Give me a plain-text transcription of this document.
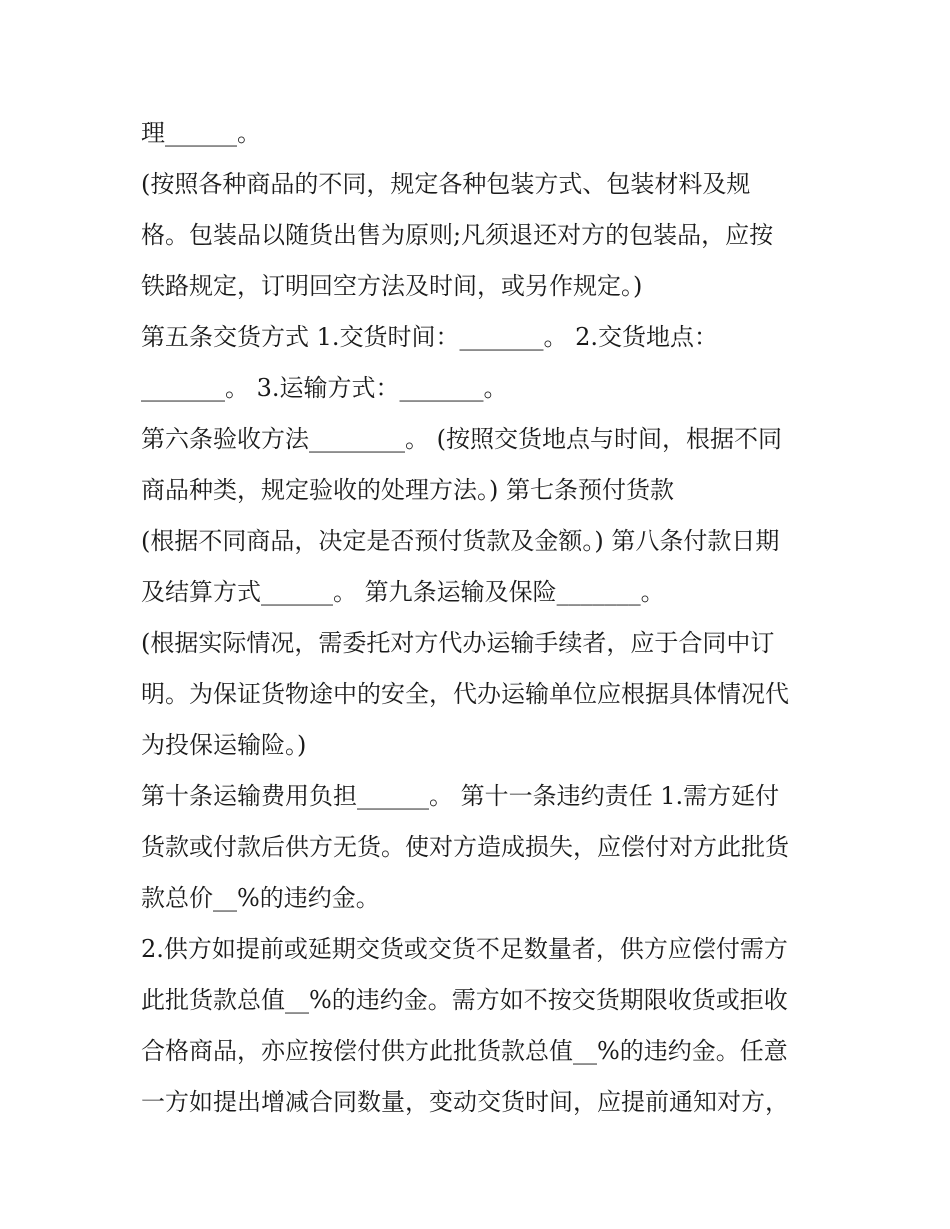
理______。
(按照各种商品的不同，规定各种包装方式、包装材料及规
格。包装品以随货出售为原则;凡须退还对方的包装品，应按
铁路规定，订明回空方法及时间，或另作规定。)
第五条交货方式 1.交货时间：_______。 2.交货地点：
_______。 3.运输方式：_______。
第六条验收方法________。 (按照交货地点与时间，根据不同
商品种类，规定验收的处理方法。) 第七条预付货款
(根据不同商品，决定是否预付货款及金额。) 第八条付款日期
及结算方式______。 第九条运输及保险_______。
(根据实际情况，需委托对方代办运输手续者，应于合同中订
明。为保证货物途中的安全，代办运输单位应根据具体情况代
为投保运输险。)
第十条运输费用负担______。 第十一条违约责任 1.需方延付
货款或付款后供方无货。使对方造成损失，应偿付对方此批货
款总价__%的违约金。
2.供方如提前或延期交货或交货不足数量者，供方应偿付需方
此批货款总值__%的违约金。需方如不按交货期限收货或拒收
合格商品，亦应按偿付供方此批货款总值__%的违约金。任意
一方如提出增减合同数量，变动交货时间，应提前通知对方，
